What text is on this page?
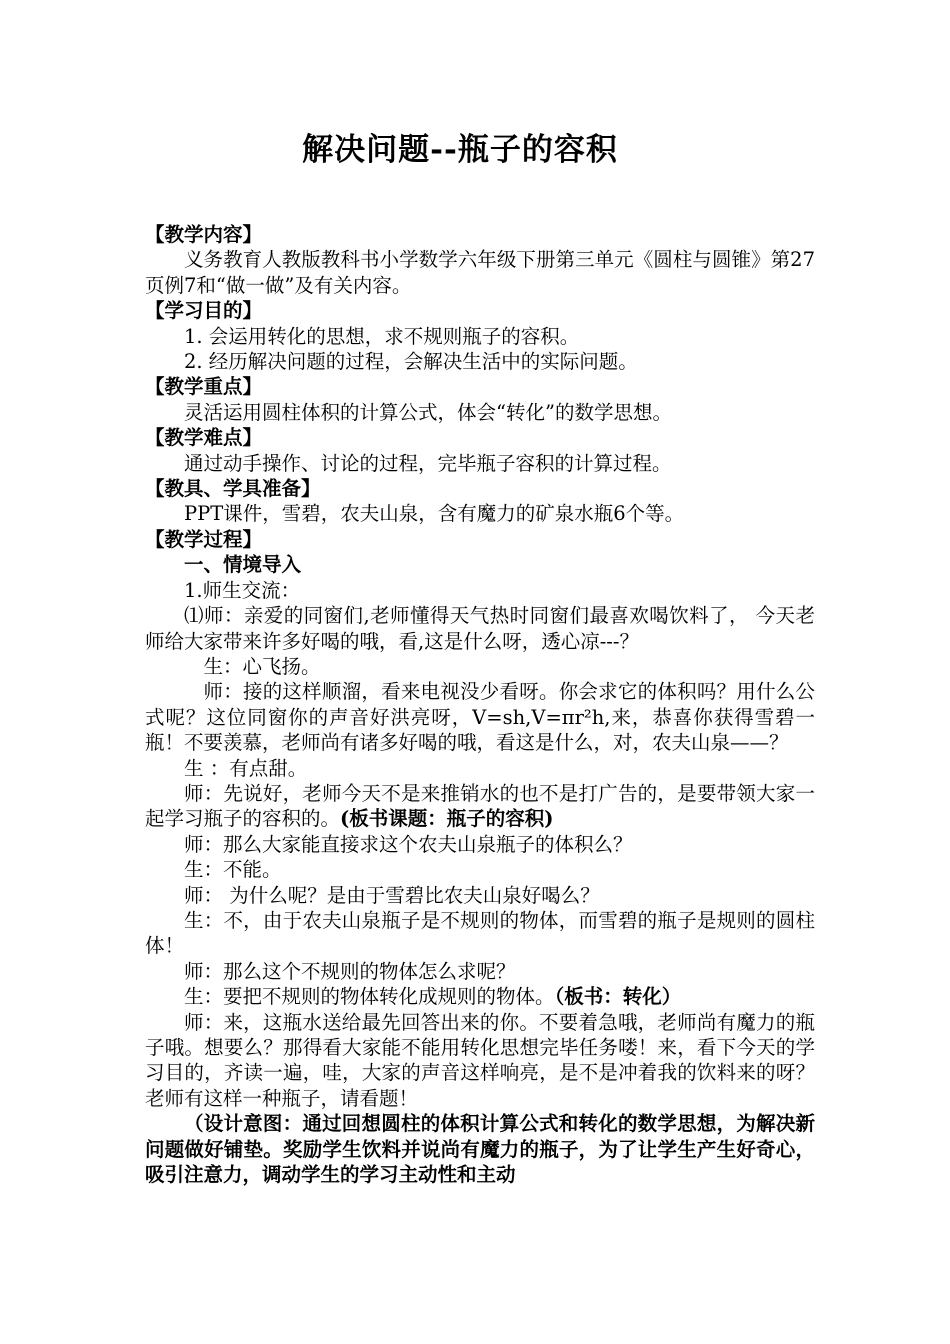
解决问题--瓶子的容积

【教学内容】

义务教育人教版教科书小学数学六年级下册第三单元《圆柱与圆锥》第27页例7和“做一做”及有关内容。

【学习目的】

1. 会运用转化的思想，求不规则瓶子的容积。

2. 经历解决问题的过程，会解决生活中的实际问题。

【教学重点】

灵活运用圆柱体积的计算公式，体会“转化”的数学思想。

【教学难点】

通过动手操作、讨论的过程，完毕瓶子容积的计算过程。

【教具、学具准备】

PPT课件，雪碧，农夫山泉，含有魔力的矿泉水瓶6个等。

【教学过程】

一、情境导入

1.师生交流：

⑴师：亲爱的同窗们,老师懂得天气热时同窗们最喜欢喝饮料了， 今天老师给大家带来许多好喝的哦，看,这是什么呀，透心凉---？

生：心飞扬。

师：接的这样顺溜，看来电视没少看呀。你会求它的体积吗？用什么公式呢？这位同窗你的声音好洪亮呀，V=sh,V=πr²h,来，恭喜你获得雪碧一瓶！不要羡慕，老师尚有诸多好喝的哦，看这是什么，对，农夫山泉——？

生 ：有点甜。

师：先说好，老师今天不是来推销水的也不是打广告的，是要带领大家一起学习瓶子的容积的。(板书课题：瓶子的容积)

师：那么大家能直接求这个农夫山泉瓶子的体积么？

生：不能。

师： 为什么呢？是由于雪碧比农夫山泉好喝么？

生：不，由于农夫山泉瓶子是不规则的物体，而雪碧的瓶子是规则的圆柱体！

师：那么这个不规则的物体怎么求呢？

生：要把不规则的物体转化成规则的物体。（板书：转化）

师：来，这瓶水送给最先回答出来的你。不要着急哦，老师尚有魔力的瓶子哦。想要么？那得看大家能不能用转化思想完毕任务喽！来，看下今天的学习目的，齐读一遍，哇，大家的声音这样响亮，是不是冲着我的饮料来的呀？老师有这样一种瓶子，请看题！

（设计意图：通过回想圆柱的体积计算公式和转化的数学思想，为解决新问题做好铺垫。奖励学生饮料并说尚有魔力的瓶子，为了让学生产生好奇心，吸引注意力，调动学生的学习主动性和主动
